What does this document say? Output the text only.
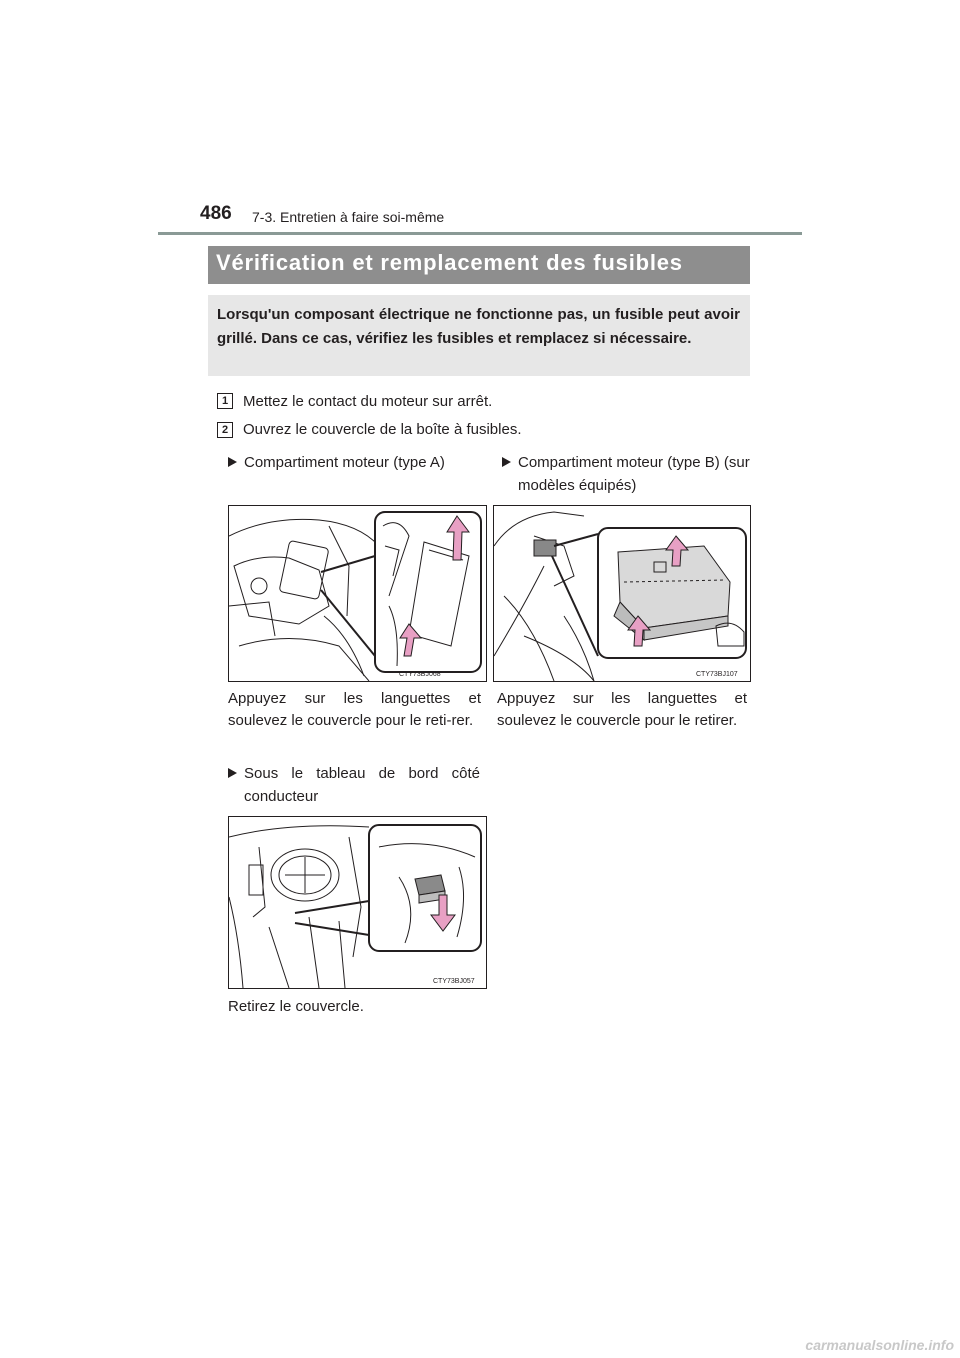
486 7-3. Entretien à faire soi-même
Vérification et remplacement des fusibles

Lorsqu'un composant électrique ne fonctionne pas, un fusible peut avoir grillé. Dans ce cas, vérifiez les fusibles et remplacez si nécessaire.

1 Mettez le contact du moteur sur arrêt.
2 Ouvrez le couvercle de la boîte à fusibles.
Compartiment moteur (type A)	Compartiment moteur (type B) (sur modèles équipés)
CTY73BJ068	CTY73BJ107

Appuyez sur les languettes et soulevez le couvercle pour le reti-rer.

Appuyez sur les languettes et soulevez le couvercle pour le retirer.

Sous le tableau de bord côté conducteur
CTY73BJ057

Retirez le couvercle.

carmanualsonline.info
